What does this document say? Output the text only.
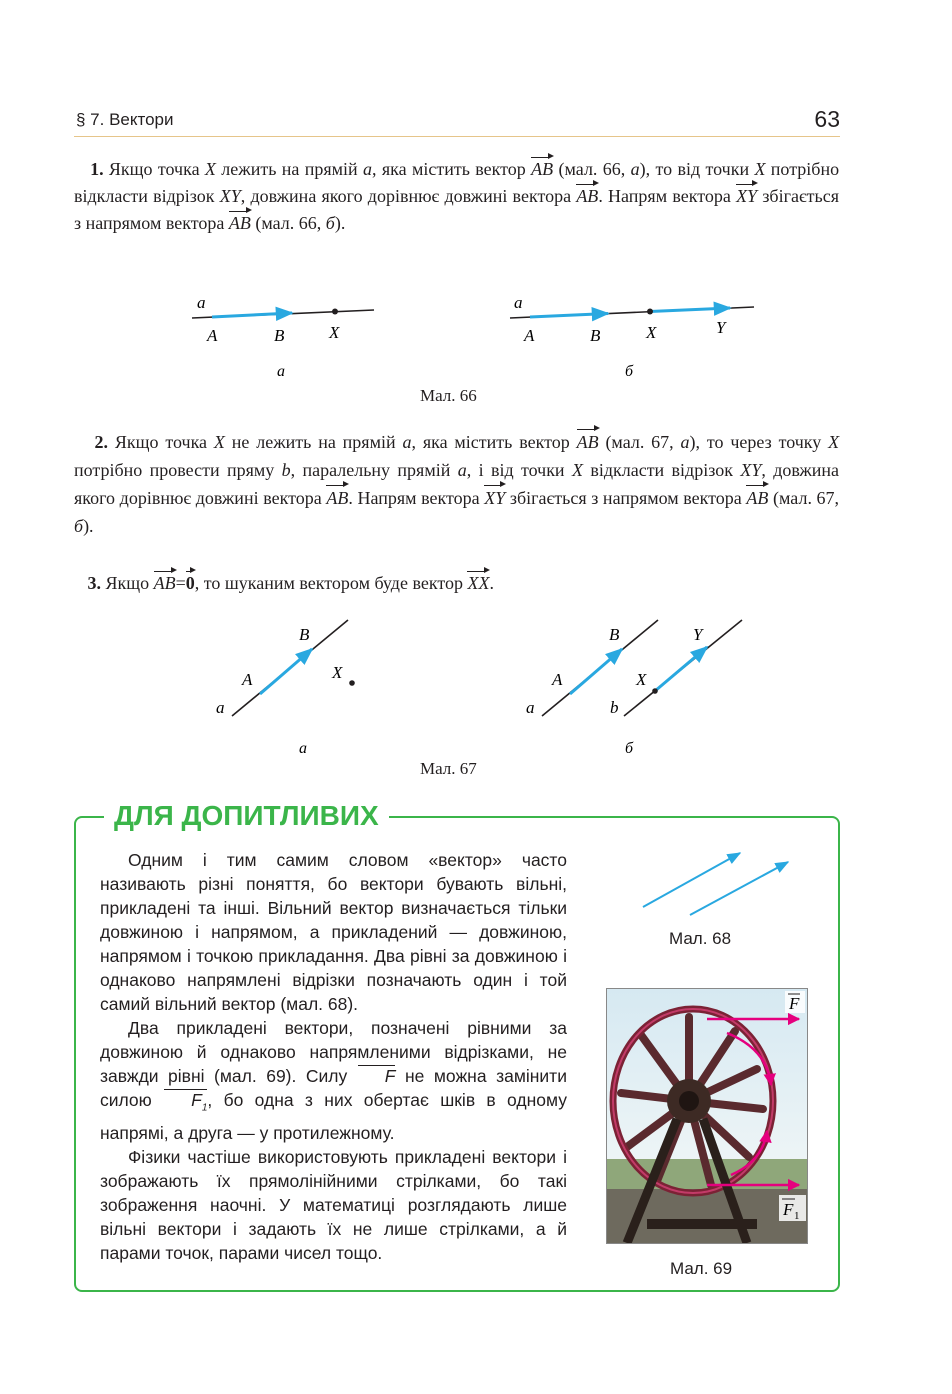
§ 7. Вектори	63
1. Якщо точка X лежить на прямій a, яка містить вектор AB (мал. 66, а), то від точки X потрібно відкласти відрізок XY, довжина якого дорівнює довжині вектора AB. Напрям вектора XY збігається з напрямом вектора AB (мал. 66, б).
a
A	B	X
а
a
A	B	X	Y
б
Мал. 66
2. Якщо точка X не лежить на прямій a, яка містить вектор AB (мал. 67, а), то через точку X потрібно провести пряму b, паралельну прямій a, і від точки X відкласти відрізок XY, довжина якого дорівнює довжині вектора AB. Напрям вектора XY збігається з напрямом вектора AB (мал. 67, б).
3. Якщо AB=0, то шуканим вектором буде вектор XX.
B
A	X
a
а
B	Y
A	X
a	b
б
Мал. 67
ДЛЯ ДОПИТЛИВИХ

Одним і тим самим словом «вектор» часто називають різні поняття, бо вектори бувають вільні, прикладені та інші. Вільний вектор визначається тільки довжиною і напрямом, а прикладений — довжиною, напрямом і точкою прикладання. Два рівні за довжиною і однаково напрямлені відрізки позначають один і той самий вільний вектор (мал. 68).

Два прикладені вектори, позначені рівними за довжиною й однаково напрямленими відрізками, не завжди рівні (мал. 69). Силу F не можна замінити силою $F_1$, бо одна з них обертає шків в одному напрямі, а друга — у протилежному.

Фізики частіше використовують прикладені вектори і зображають їх прямолінійними стрілками, бо такі зображення наочні. У математиці розглядають лише вільні вектори і задають їх не лише стрілками, а й парами точок, парами чисел тощо.

Мал. 68
F
F 1
Мал. 69
